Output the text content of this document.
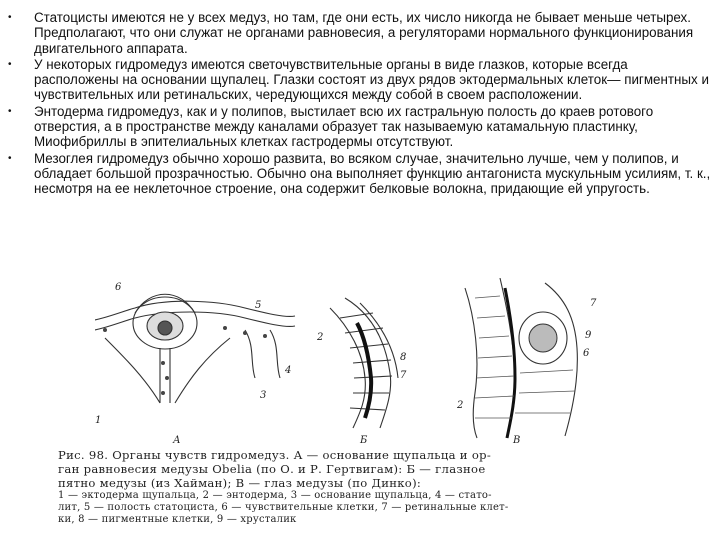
• Статоцисты имеются не у всех медуз, но там, где они есть, их число никогда не бывает меньше четырех. Предполагают, что они служат не органами равновесия, а регуляторами нормального функционирования двигательного аппарата.
• У некоторых гидромедуз имеются светочувствительные органы в виде глазков, которые всегда расположены на основании щупалец. Глазки состоят из двух рядов эктодермальных клеток— пигментных и чувствительных или ретинальских, чередующихся между собой в своем расположении.
• Энтодерма гидромедуз, как и у полипов, выстилает всю их гастральную полость до краев ротового отверстия, а в пространстве между каналами образует так называемую катамальную пластинку, Миофибриллы в эпителиальных клетках гастродермы отсутствуют.
• Мезоглея гидромедуз обычно хорошо развита, во всяком случае, значительно лучше, чем у полипов, и обладает большой прозрачностью. Обычно она выполняет функцию антагониста мускульным усилиям, т. к., несмотря на ее неклеточное строение, она содержит белковые волокна, придающие ей упругость.
6
5
4
3
1
А
2
8
7
Б
7
9
6
2
В
Рис. 98. Органы чувств гидромедуз. А — основание щупальца и ор-
ган равновесия медузы Obelia (по О. и Р. Гертвигам): Б — глазное
пятно медузы (из Хайман); В — глаз медузы (по Динко):
1 — эктодерма щупальца, 2 — энтодерма, 3 — основание щупальца, 4 — стато-
лит, 5 — полость статоциста, 6 — чувствительные клетки, 7 — ретинальные клет-
ки, 8 — пигментные клетки, 9 — хрусталик
